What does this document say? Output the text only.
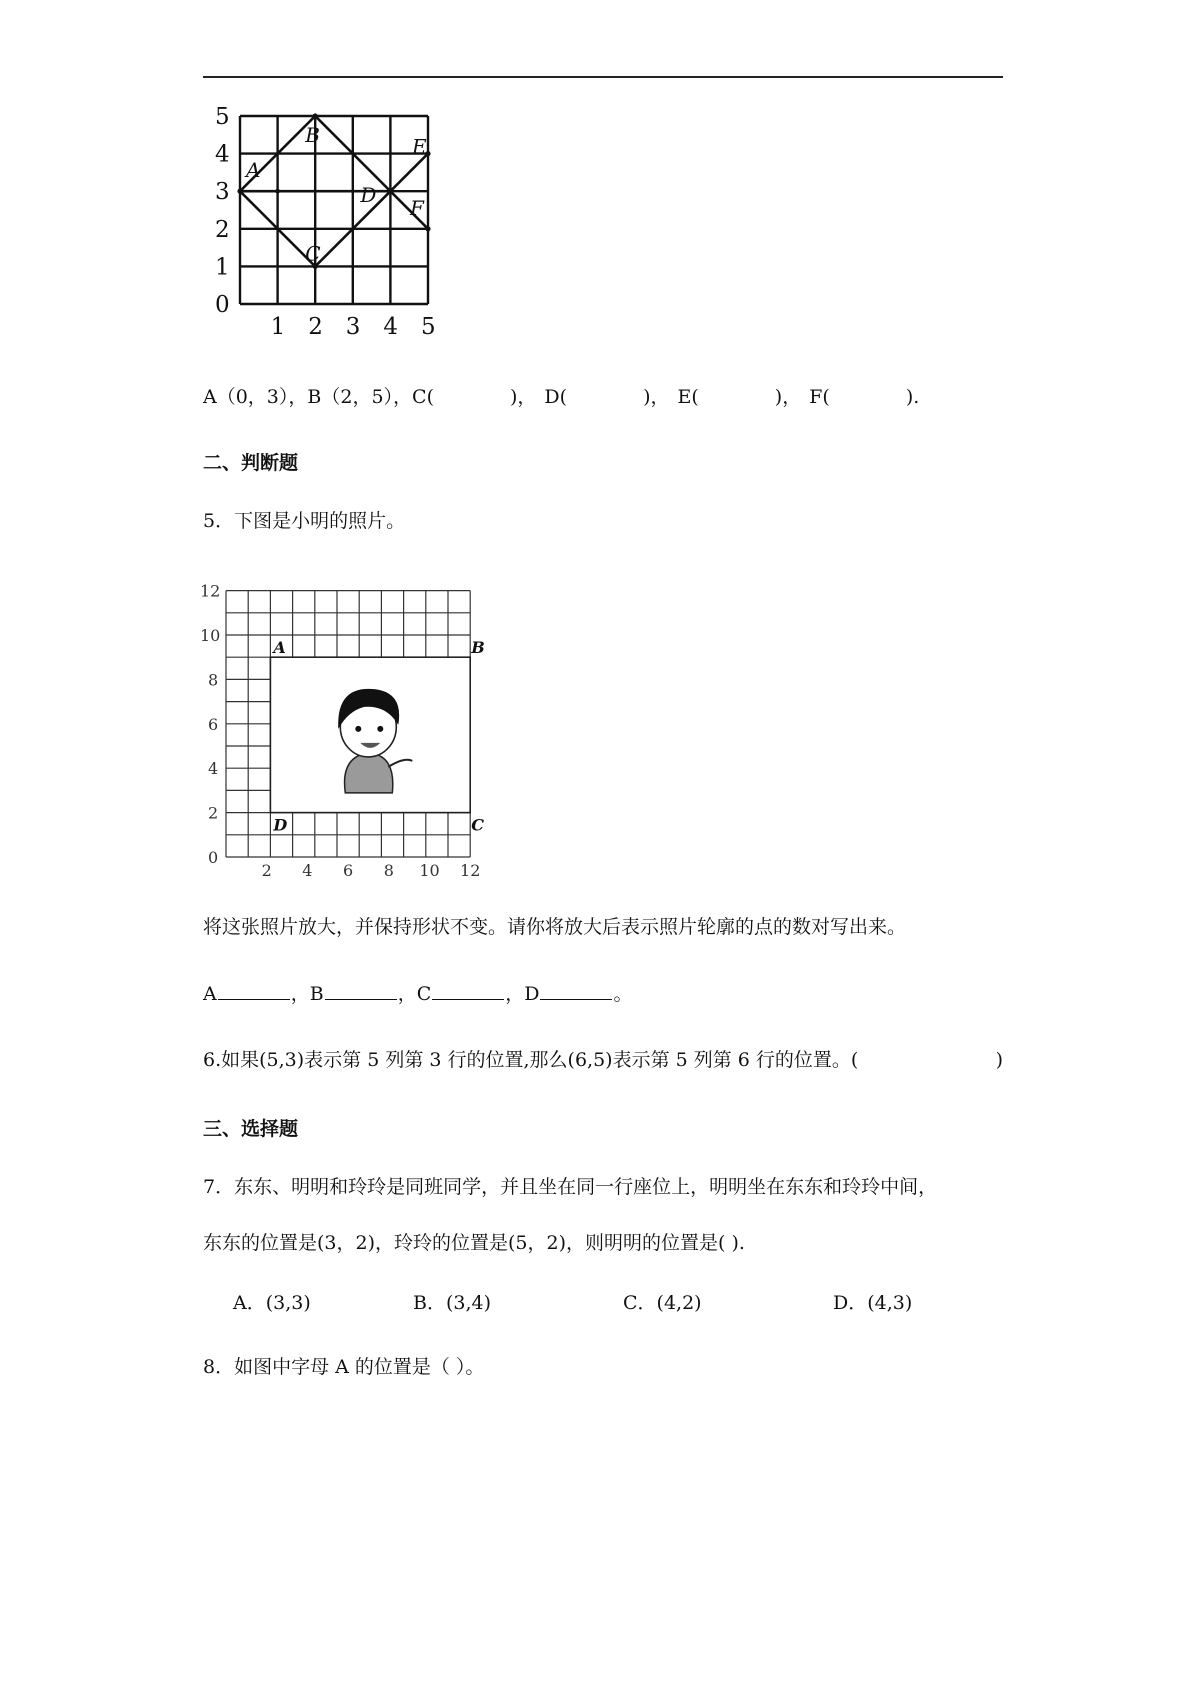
0
1
2
3
4
5
1 2 3 4 5
A
B
C
D
E
F
A（0，3），B（2，5），C(	)， D(	)， E(	)， F(	).
二、判断题
5．下图是小明的照片。
0
2
4
6
8
10
12
2 4 6 8 10 12
A	B
C
D
将这张照片放大，并保持形状不变。请你将放大后表示照片轮廓的点的数对写出来。
A	，B	，C	，D	。
6.如果(5,3)表示第 5 列第 3 行的位置,那么(6,5)表示第 5 列第 6 行的位置。(	)
三、选择题
7．东东、明明和玲玲是同班同学，并且坐在同一行座位上，明明坐在东东和玲玲中间，
东东的位置是(3，2)，玲玲的位置是(5，2)，则明明的位置是( ).
A．(3,3)	B．(3,4)	C．(4,2)	D．(4,3)
8．如图中字母 A 的位置是（ ）。
